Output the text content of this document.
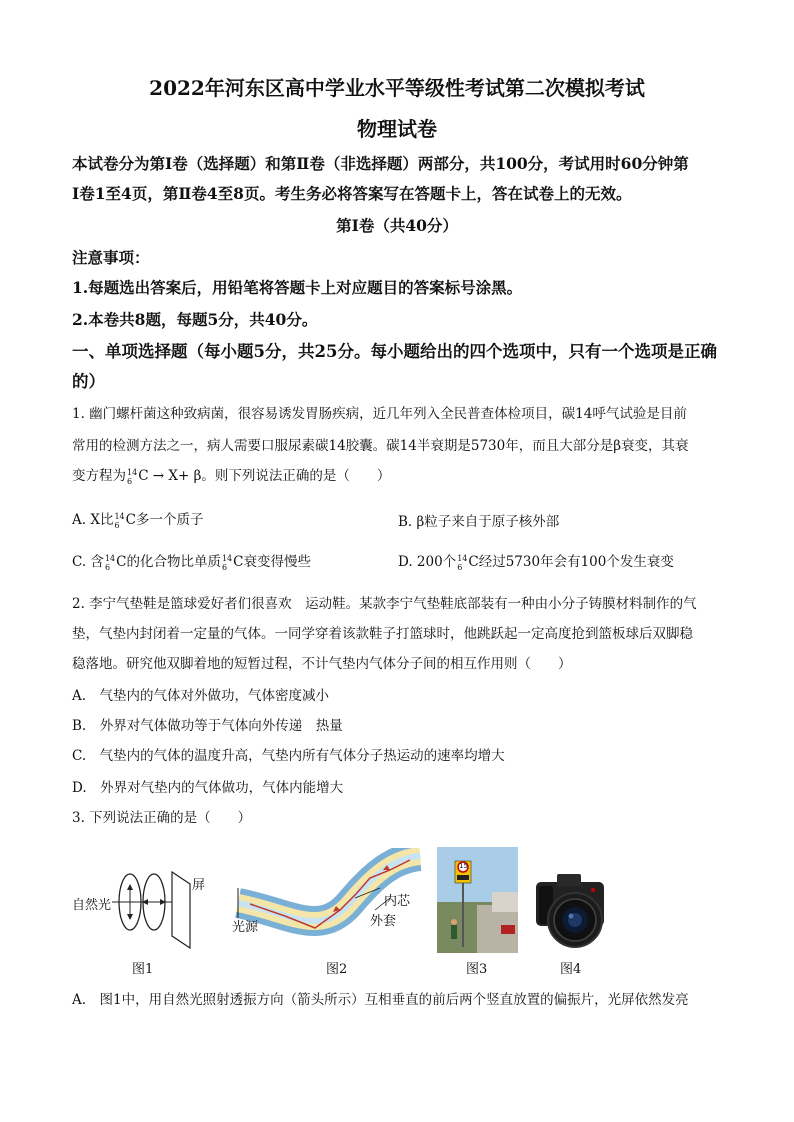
2022年河东区高中学业水平等级性考试第二次模拟考试
物理试卷
本试卷分为第Ⅰ卷（选择题）和第Ⅱ卷（非选择题）两部分，共100分，考试用时60分钟第
Ⅰ卷1至4页，第Ⅱ卷4至8页。考生务必将答案写在答题卡上，答在试卷上的无效。
第Ⅰ卷（共40分）
注意事项：
1.每题选出答案后，用铅笔将答题卡上对应题目的答案标号涂黑。
2.本卷共8题，每题5分，共40分。
一、单项选择题（每小题5分，共25分。每小题给出的四个选项中，只有一个选项是正确
的）
1. 幽门螺杆菌这种致病菌，很容易诱发胃肠疾病，近几年列入全民普查体检项目，碳14呼气试验是目前
常用的检测方法之一，病人需要口服尿素碳14胶囊。碳14半衰期是5730年，而且大部分是β衰变，其衰
变方程为 14
6 C → X+ β。则下列说法正确的是（　　）
A. X比 14
6 C多一个质子	B. β粒子来自于原子核外部
C. 含 14
6 C的化合物比单质 14
6 C衰变得慢些	D. 200个 14
6 C经过5730年会有100个发生衰变
2. 李宁气垫鞋是篮球爱好者们很喜欢　运动鞋。某款李宁气垫鞋底部装有一种由小分子铸膜材料制作的气
垫，气垫内封闭着一定量的气体。一同学穿着该款鞋子打篮球时，他跳跃起一定高度抢到篮板球后双脚稳
稳落地。研究他双脚着地的短暂过程，不计气垫内气体分子间的相互作用则（　　）
A.　气垫内的气体对外做功，气体密度减小
B.　外界对气体做功等于气体向外传递　热量
C.　气垫内的气体的温度升高，气垫内所有气体分子热运动的速率均增大
D.　外界对气垫内的气体做功，气体内能增大
3. 下列说法正确的是（　　）
自然光
屏
图1
光源
内芯
外套
图2
15
图3	图4
A.　图1中，用自然光照射透振方向（箭头所示）互相垂直的前后两个竖直放置的偏振片，光屏依然发亮
